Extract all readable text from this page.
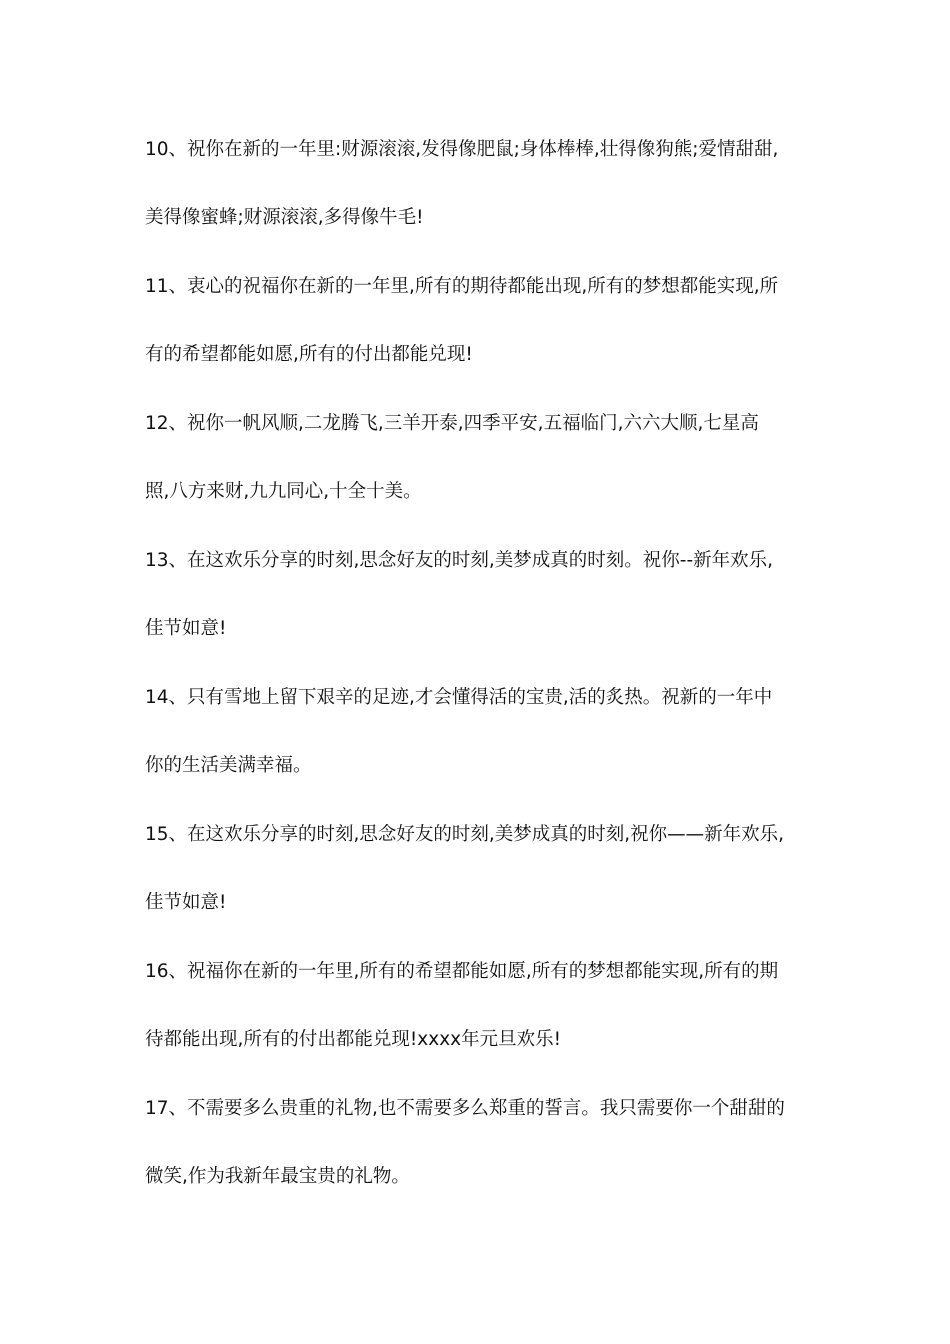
10、祝你在新的一年里:财源滚滚,发得像肥鼠;身体棒棒,壮得像狗熊;爱情甜甜,
美得像蜜蜂;财源滚滚,多得像牛毛!
11、衷心的祝福你在新的一年里,所有的期待都能出现,所有的梦想都能实现,所
有的希望都能如愿,所有的付出都能兑现!
12、祝你一帆风顺,二龙腾飞,三羊开泰,四季平安,五福临门,六六大顺,七星高
照,八方来财,九九同心,十全十美。
13、在这欢乐分享的时刻,思念好友的时刻,美梦成真的时刻。祝你--新年欢乐,
佳节如意!
14、只有雪地上留下艰辛的足迹,才会懂得活的宝贵,活的炙热。祝新的一年中
你的生活美满幸福。
15、在这欢乐分享的时刻,思念好友的时刻,美梦成真的时刻,祝你——新年欢乐,
佳节如意!
16、祝福你在新的一年里,所有的希望都能如愿,所有的梦想都能实现,所有的期
待都能出现,所有的付出都能兑现!xxxx年元旦欢乐!
17、不需要多么贵重的礼物,也不需要多么郑重的誓言。我只需要你一个甜甜的
微笑,作为我新年最宝贵的礼物。
